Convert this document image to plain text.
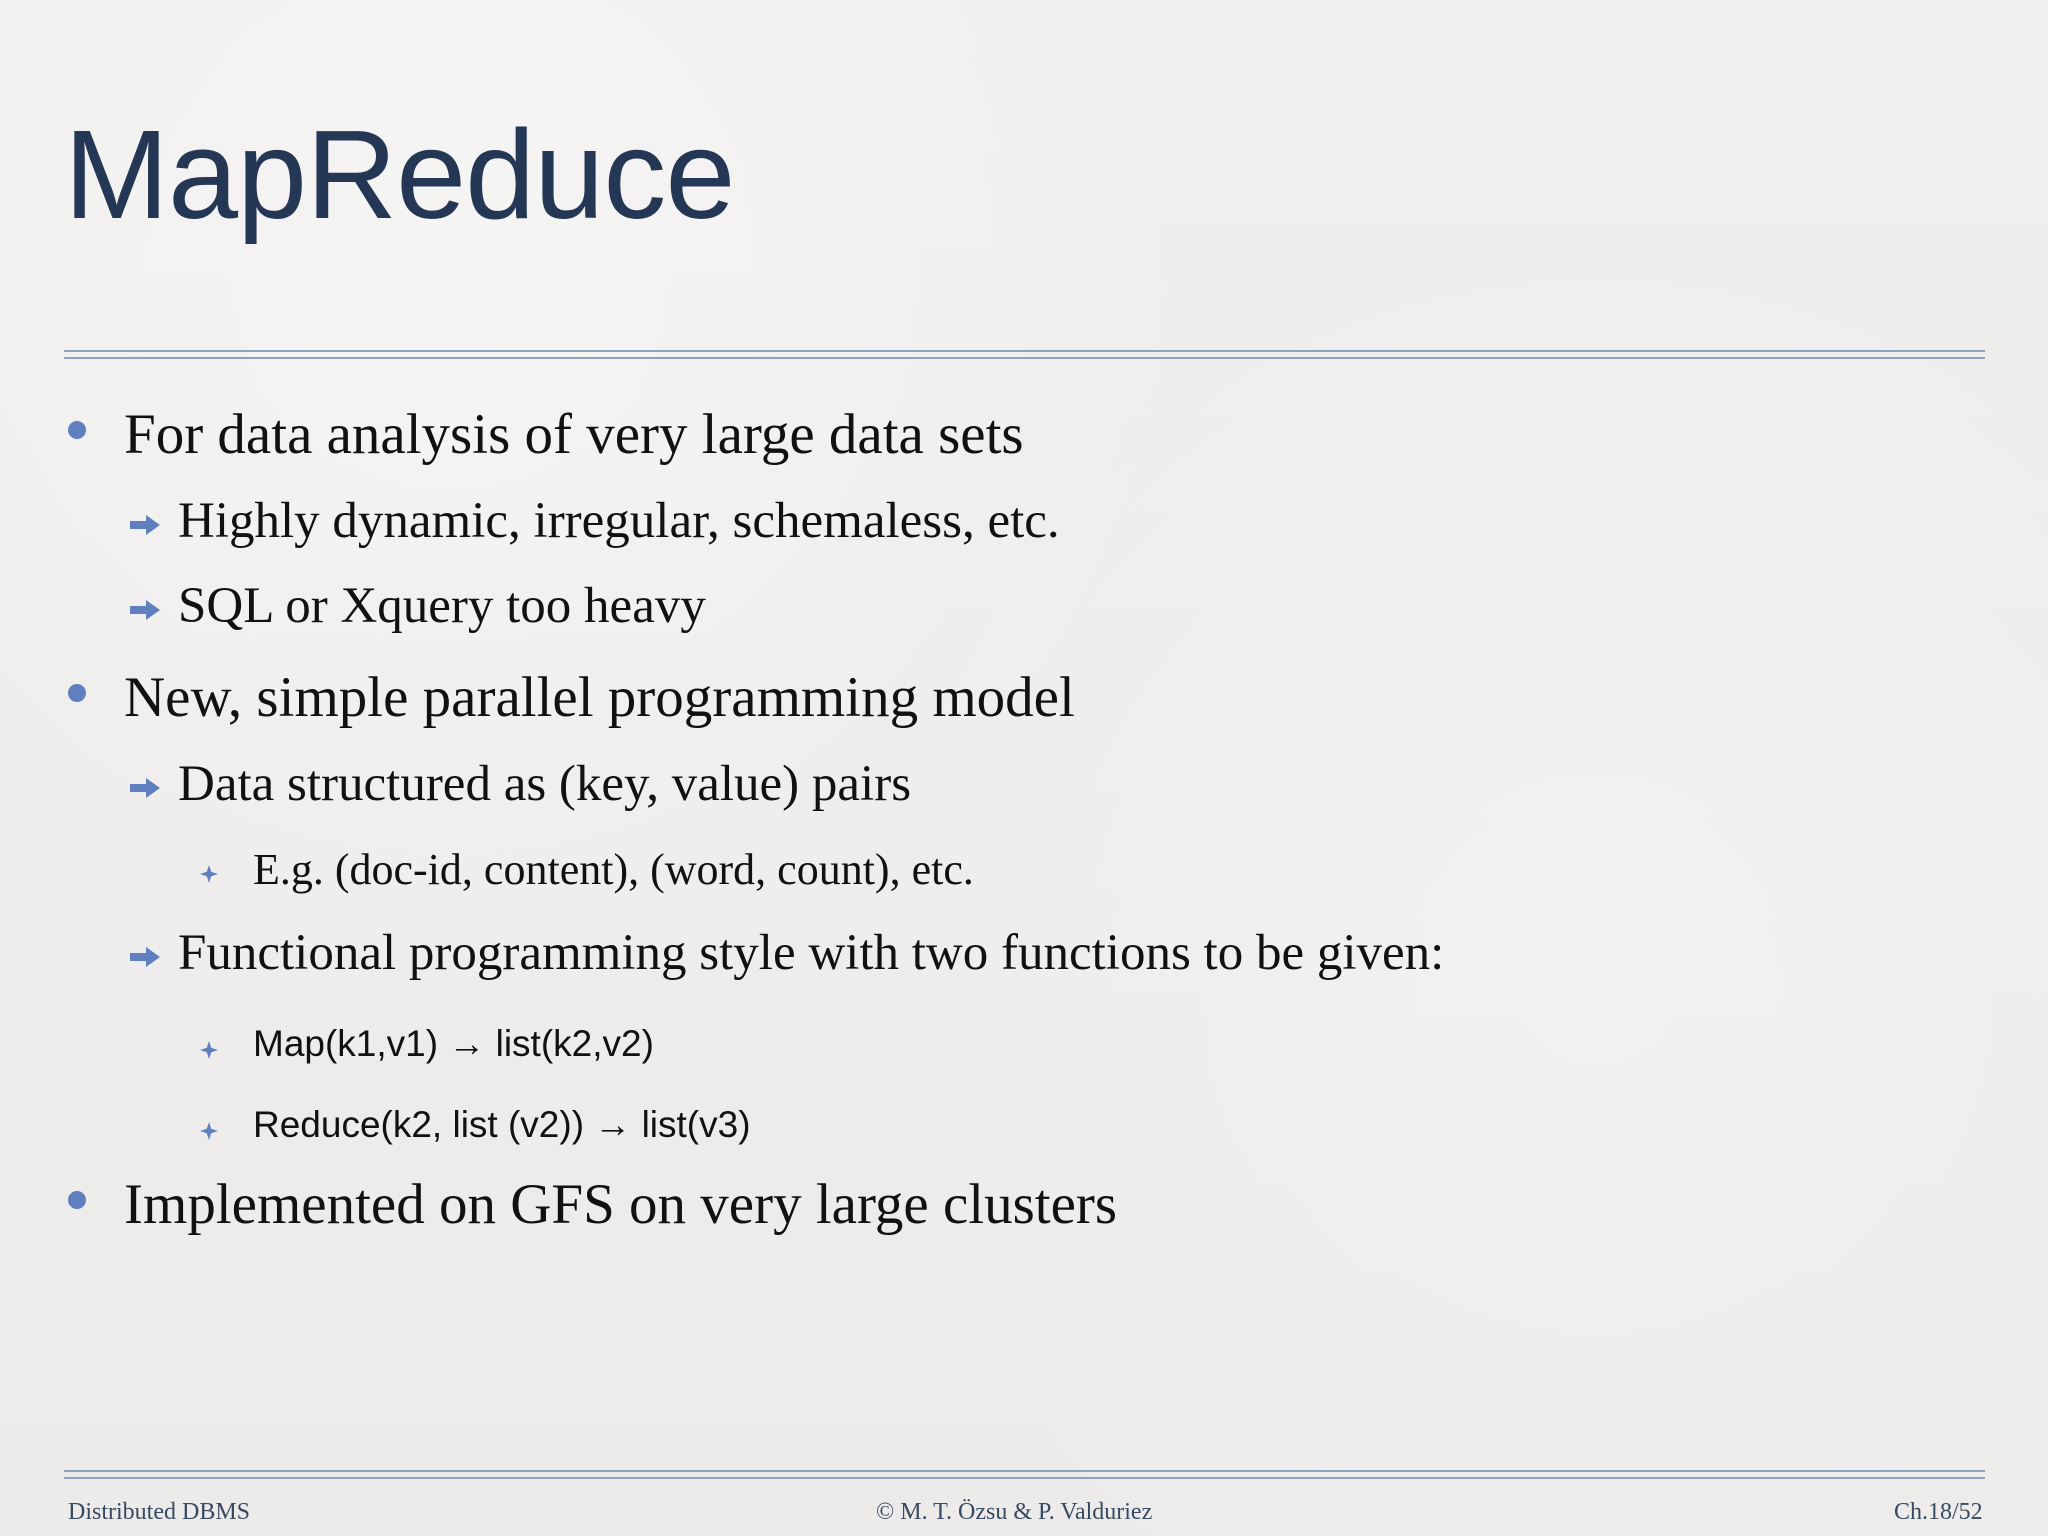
MapReduce
For data analysis of very large data sets
Highly dynamic, irregular, schemaless, etc.
SQL or Xquery too heavy
New, simple parallel programming model
Data structured as (key, value) pairs
E.g. (doc-id, content), (word, count), etc.
Functional programming style with two functions to be given:
Map(k1,v1) → list(k2,v2)
Reduce(k2, list (v2)) → list(v3)
Implemented on GFS on very large clusters
Distributed DBMS	© M. T. Özsu & P. Valduriez	Ch.18/52
